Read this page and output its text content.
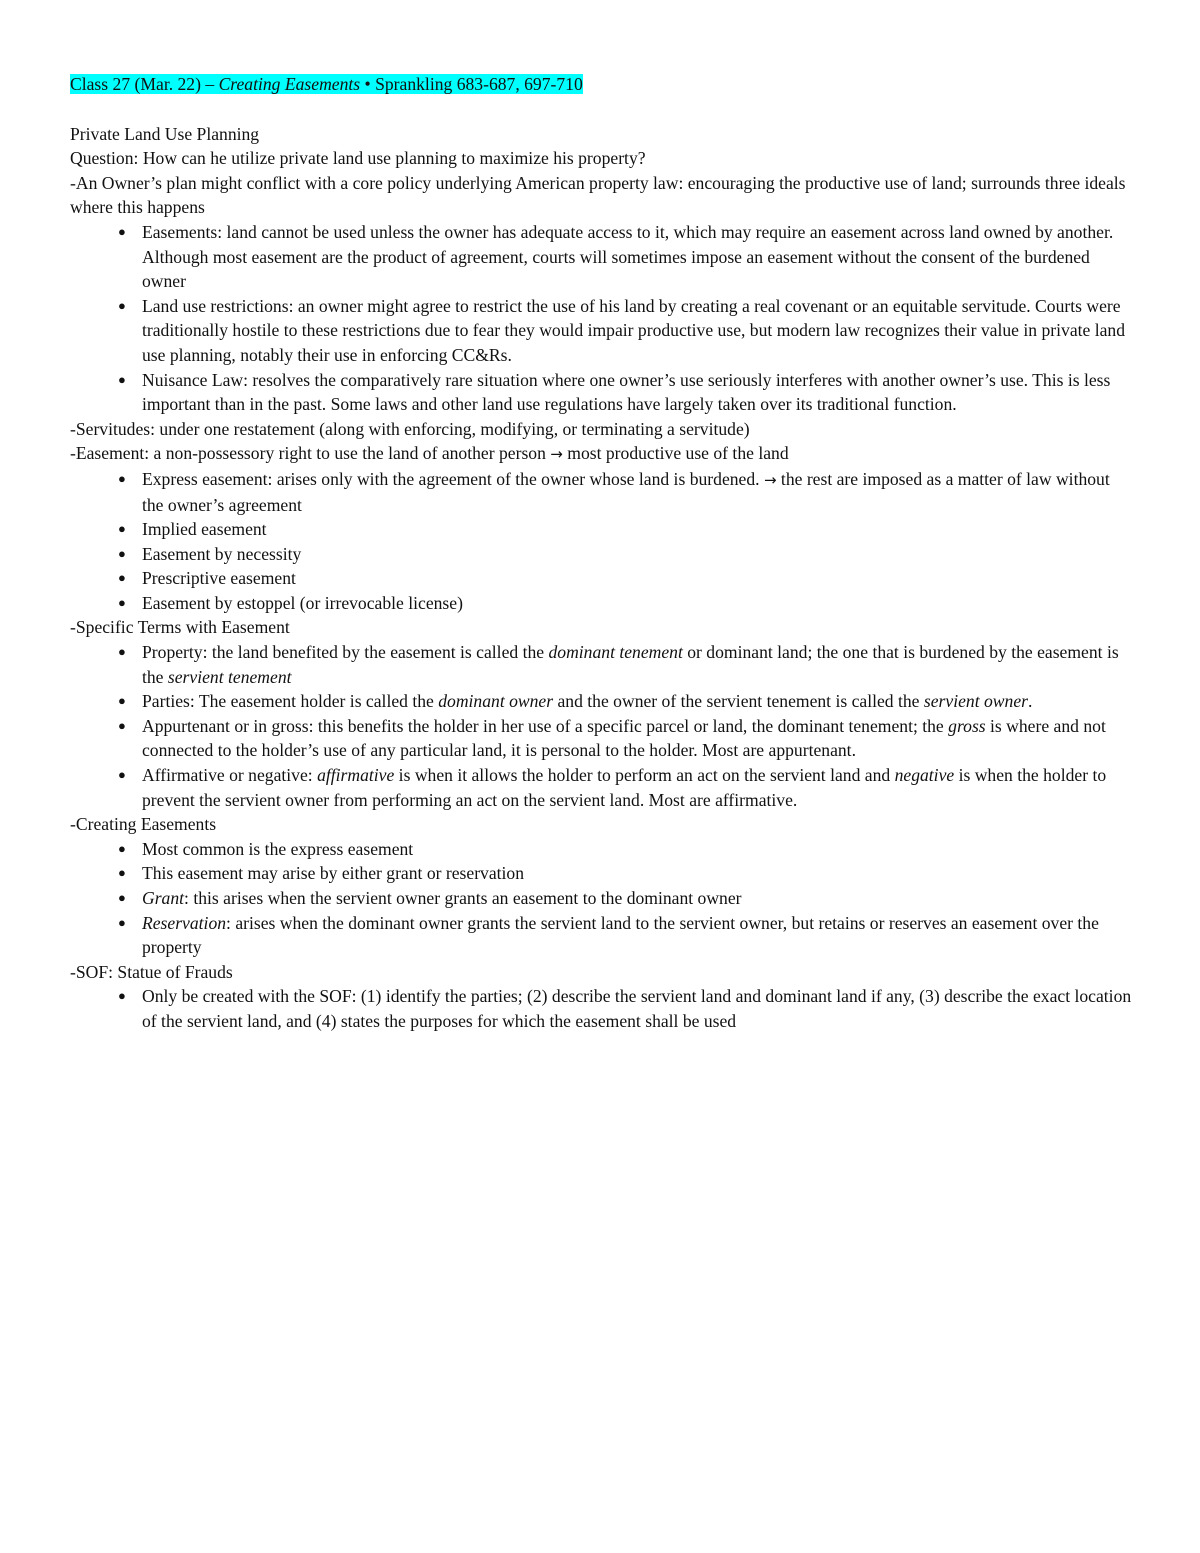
Class 27 (Mar. 22) – Creating Easements • Sprankling 683-687, 697-710

Private Land Use Planning

Question: How can he utilize private land use planning to maximize his property?

-An Owner’s plan might conflict with a core policy underlying American property law: encouraging the productive use of land; surrounds three ideals where this happens

● Easements: land cannot be used unless the owner has adequate access to it, which may require an easement across land owned by another. Although most easement are the product of agreement, courts will sometimes impose an easement without the consent of the burdened owner
● Land use restrictions: an owner might agree to restrict the use of his land by creating a real covenant or an equitable servitude. Courts were traditionally hostile to these restrictions due to fear they would impair productive use, but modern law recognizes their value in private land use planning, notably their use in enforcing CC&Rs.
● Nuisance Law: resolves the comparatively rare situation where one owner’s use seriously interferes with another owner’s use. This is less important than in the past. Some laws and other land use regulations have largely taken over its traditional function.

-Servitudes: under one restatement (along with enforcing, modifying, or terminating a servitude)

-Easement: a non-possessory right to use the land of another person → most productive use of the land

● Express easement: arises only with the agreement of the owner whose land is burdened. → the rest are imposed as a matter of law without the owner’s agreement
● Implied easement
● Easement by necessity
● Prescriptive easement
● Easement by estoppel (or irrevocable license)

-Specific Terms with Easement

● Property: the land benefited by the easement is called the dominant tenement or dominant land; the one that is burdened by the easement is the servient tenement
● Parties: The easement holder is called the dominant owner and the owner of the servient tenement is called the servient owner.
● Appurtenant or in gross: this benefits the holder in her use of a specific parcel or land, the dominant tenement; the gross is where and not connected to the holder’s use of any particular land, it is personal to the holder. Most are appurtenant.
● Affirmative or negative: affirmative is when it allows the holder to perform an act on the servient land and negative is when the holder to prevent the servient owner from performing an act on the servient land. Most are affirmative.

-Creating Easements

● Most common is the express easement
● This easement may arise by either grant or reservation
● Grant: this arises when the servient owner grants an easement to the dominant owner
● Reservation: arises when the dominant owner grants the servient land to the servient owner, but retains or reserves an easement over the property

-SOF: Statue of Frauds

● Only be created with the SOF: (1) identify the parties; (2) describe the servient land and dominant land if any, (3) describe the exact location of the servient land, and (4) states the purposes for which the easement shall be used
